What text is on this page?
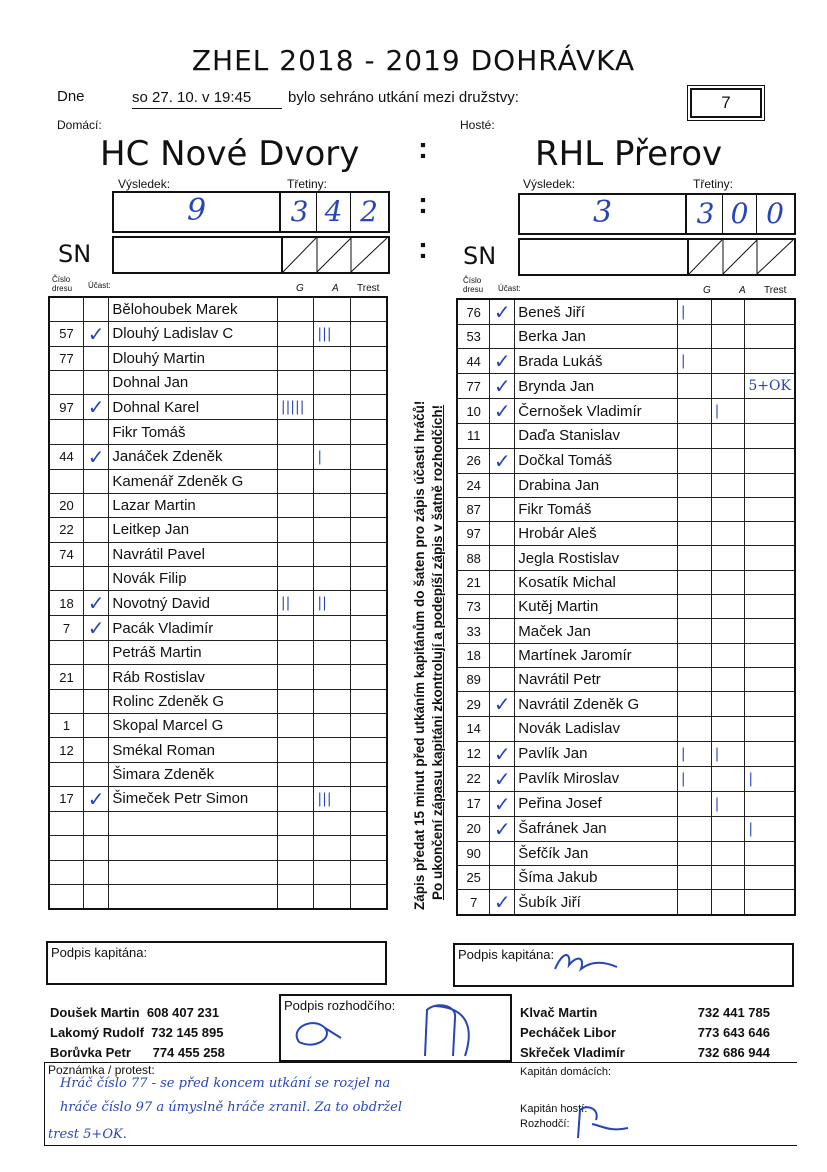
ZHEL 2018 - 2019 DOHRÁVKA
Dne	so 27. 10. v 19:45	bylo sehráno utkání mezi družstvy:	7
Domácí:	Hosté:
HC Nové Dvory	RHL Přerov
:
:
:
Výsledek:	Třetiny:
9	3 4 2
Výsledek:	Třetiny:
3	3 0 0
SN	SN
Číslo dresu	Účast:	G	A Trest
Číslo dresu	Účast:	G	A Trest
		Bělohoubek Marek			
57	✓	Dlouhý Ladislav C		|||	
77		Dlouhý Martin			
		Dohnal Jan			
97	✓	Dohnal Karel	|||||		
		Fikr Tomáš			
44	✓	Janáček Zdeněk		|	
		Kamenář Zdeněk G			
20		Lazar Martin			
22		Leitkep Jan			
74		Navrátil Pavel			
		Novák Filip			
18	✓	Novotný David	||	||	
7	✓	Pacák Vladimír			
		Petráš Martin			
21		Ráb Rostislav			
		Rolinc Zdeněk G			
1		Skopal Marcel G			
12		Smékal Roman			
		Šimara Zdeněk			
17	✓	Šimeček Petr Simon		|||	

76	✓	Beneš Jiří	|		
53		Berka Jan			
44	✓	Brada Lukáš	|		
77	✓	Brynda Jan			5+OK
10	✓	Černošek Vladimír		|	
11		Daďa Stanislav			
26	✓	Dočkal Tomáš			
24		Drabina Jan			
87		Fikr Tomáš			
97		Hrobár Aleš			
88		Jegla Rostislav			
21		Kosatík Michal			
73		Kutěj Martin			
33		Maček Jan			
18		Martínek Jaromír			
89		Navrátil Petr			
29	✓	Navrátil Zdeněk G			
14		Novák Ladislav			
12	✓	Pavlík Jan	|	|	
22	✓	Pavlík Miroslav	|		|
17	✓	Peřina Josef		|	
20	✓	Šafránek Jan			|
90		Šefčík Jan			
25		Šíma Jakub			
7	✓	Šubík Jiří			
Zápis předat 15 minut před utkáním kapitánům do šaten pro zápis účasti hráčů! Po ukončení zápasu kapitáni zkontrolují a podepíší zápis v šatně rozhodčích!
Podpis kapitána:	Podpis kapitána:
Doušek Martin 608 407 231
Lakomý Rudolf 732 145 895
Borůvka Petr 774 455 258
Podpis rozhodčího:	Klvač Martin	732 441 785
Pecháček Libor	773 643 646
Skřeček Vladimír	732 686 944
Poznámka / protest:
Hráč číslo 77 - se před koncem utkání se rozjel na
hráče číslo 97 a úmyslně hráče zranil. Za to obdržel
trest 5+OK.
Kapitán domácích:
Kapitán hostí:
Rozhodčí:
